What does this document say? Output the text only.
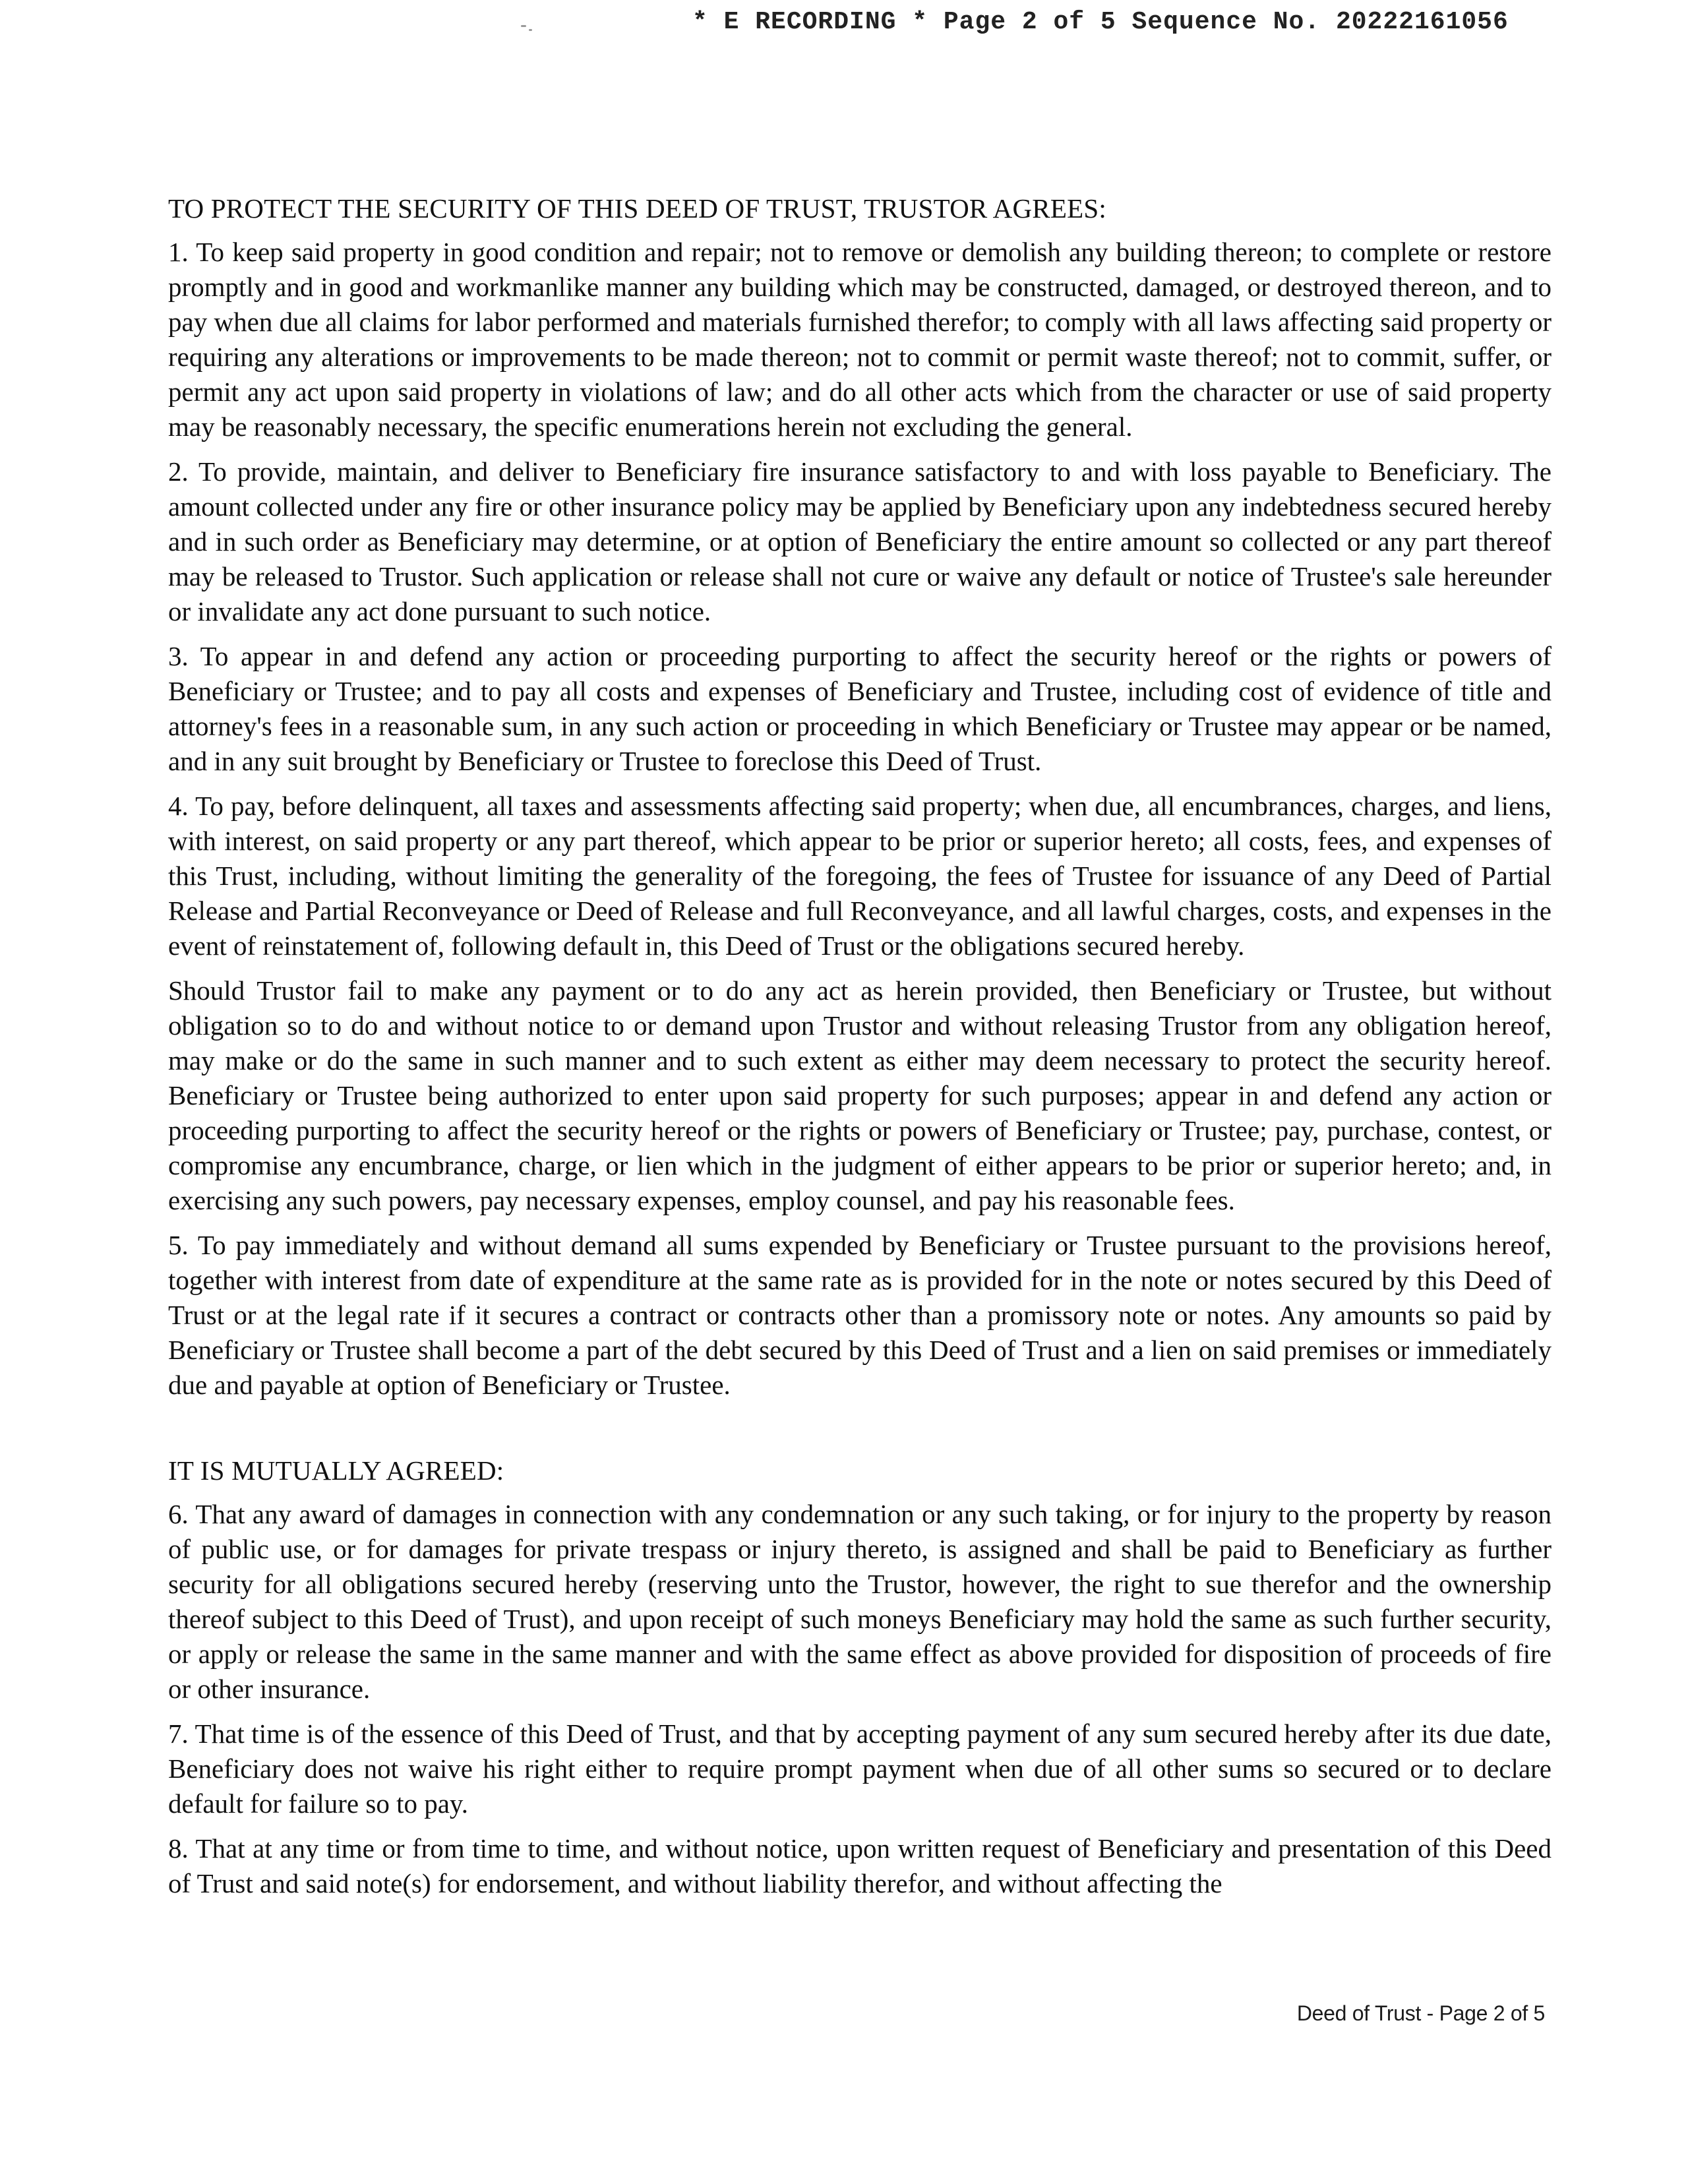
* E RECORDING * Page 2 of 5 Sequence No. 20222161056
TO PROTECT THE SECURITY OF THIS DEED OF TRUST, TRUSTOR AGREES:

1. To keep said property in good condition and repair; not to remove or demolish any building thereon; to complete or restore promptly and in good and workmanlike manner any building which may be constructed, damaged, or destroyed thereon, and to pay when due all claims for labor performed and materials furnished therefor; to comply with all laws affecting said property or requiring any alterations or improvements to be made thereon; not to commit or permit waste thereof; not to commit, suffer, or permit any act upon said property in violations of law; and do all other acts which from the character or use of said property may be reasonably necessary, the specific enumerations herein not excluding the general.

2. To provide, maintain, and deliver to Beneficiary fire insurance satisfactory to and with loss payable to Beneficiary. The amount collected under any fire or other insurance policy may be applied by Beneficiary upon any indebtedness secured hereby and in such order as Beneficiary may determine, or at option of Beneficiary the entire amount so collected or any part thereof may be released to Trustor. Such application or release shall not cure or waive any default or notice of Trustee's sale hereunder or invalidate any act done pursuant to such notice.

3. To appear in and defend any action or proceeding purporting to affect the security hereof or the rights or powers of Beneficiary or Trustee; and to pay all costs and expenses of Beneficiary and Trustee, including cost of evidence of title and attorney's fees in a reasonable sum, in any such action or proceeding in which Beneficiary or Trustee may appear or be named, and in any suit brought by Beneficiary or Trustee to foreclose this Deed of Trust.

4. To pay, before delinquent, all taxes and assessments affecting said property; when due, all encumbrances, charges, and liens, with interest, on said property or any part thereof, which appear to be prior or superior hereto; all costs, fees, and expenses of this Trust, including, without limiting the generality of the foregoing, the fees of Trustee for issuance of any Deed of Partial Release and Partial Reconveyance or Deed of Release and full Reconveyance, and all lawful charges, costs, and expenses in the event of reinstatement of, following default in, this Deed of Trust or the obligations secured hereby.

Should Trustor fail to make any payment or to do any act as herein provided, then Beneficiary or Trustee, but without obligation so to do and without notice to or demand upon Trustor and without releasing Trustor from any obligation hereof, may make or do the same in such manner and to such extent as either may deem necessary to protect the security hereof. Beneficiary or Trustee being authorized to enter upon said property for such purposes; appear in and defend any action or proceeding purporting to affect the security hereof or the rights or powers of Beneficiary or Trustee; pay, purchase, contest, or compromise any encumbrance, charge, or lien which in the judgment of either appears to be prior or superior hereto; and, in exercising any such powers, pay necessary expenses, employ counsel, and pay his reasonable fees.

5. To pay immediately and without demand all sums expended by Beneficiary or Trustee pursuant to the provisions hereof, together with interest from date of expenditure at the same rate as is provided for in the note or notes secured by this Deed of Trust or at the legal rate if it secures a contract or contracts other than a promissory note or notes. Any amounts so paid by Beneficiary or Trustee shall become a part of the debt secured by this Deed of Trust and a lien on said premises or immediately due and payable at option of Beneficiary or Trustee.

IT IS MUTUALLY AGREED:

6. That any award of damages in connection with any condemnation or any such taking, or for injury to the property by reason of public use, or for damages for private trespass or injury thereto, is assigned and shall be paid to Beneficiary as further security for all obligations secured hereby (reserving unto the Trustor, however, the right to sue therefor and the ownership thereof subject to this Deed of Trust), and upon receipt of such moneys Beneficiary may hold the same as such further security, or apply or release the same in the same manner and with the same effect as above provided for disposition of proceeds of fire or other insurance.

7. That time is of the essence of this Deed of Trust, and that by accepting payment of any sum secured hereby after its due date, Beneficiary does not waive his right either to require prompt payment when due of all other sums so secured or to declare default for failure so to pay.

8. That at any time or from time to time, and without notice, upon written request of Beneficiary and presentation of this Deed of Trust and said note(s) for endorsement, and without liability therefor, and without affecting the

Deed of Trust - Page 2 of 5
